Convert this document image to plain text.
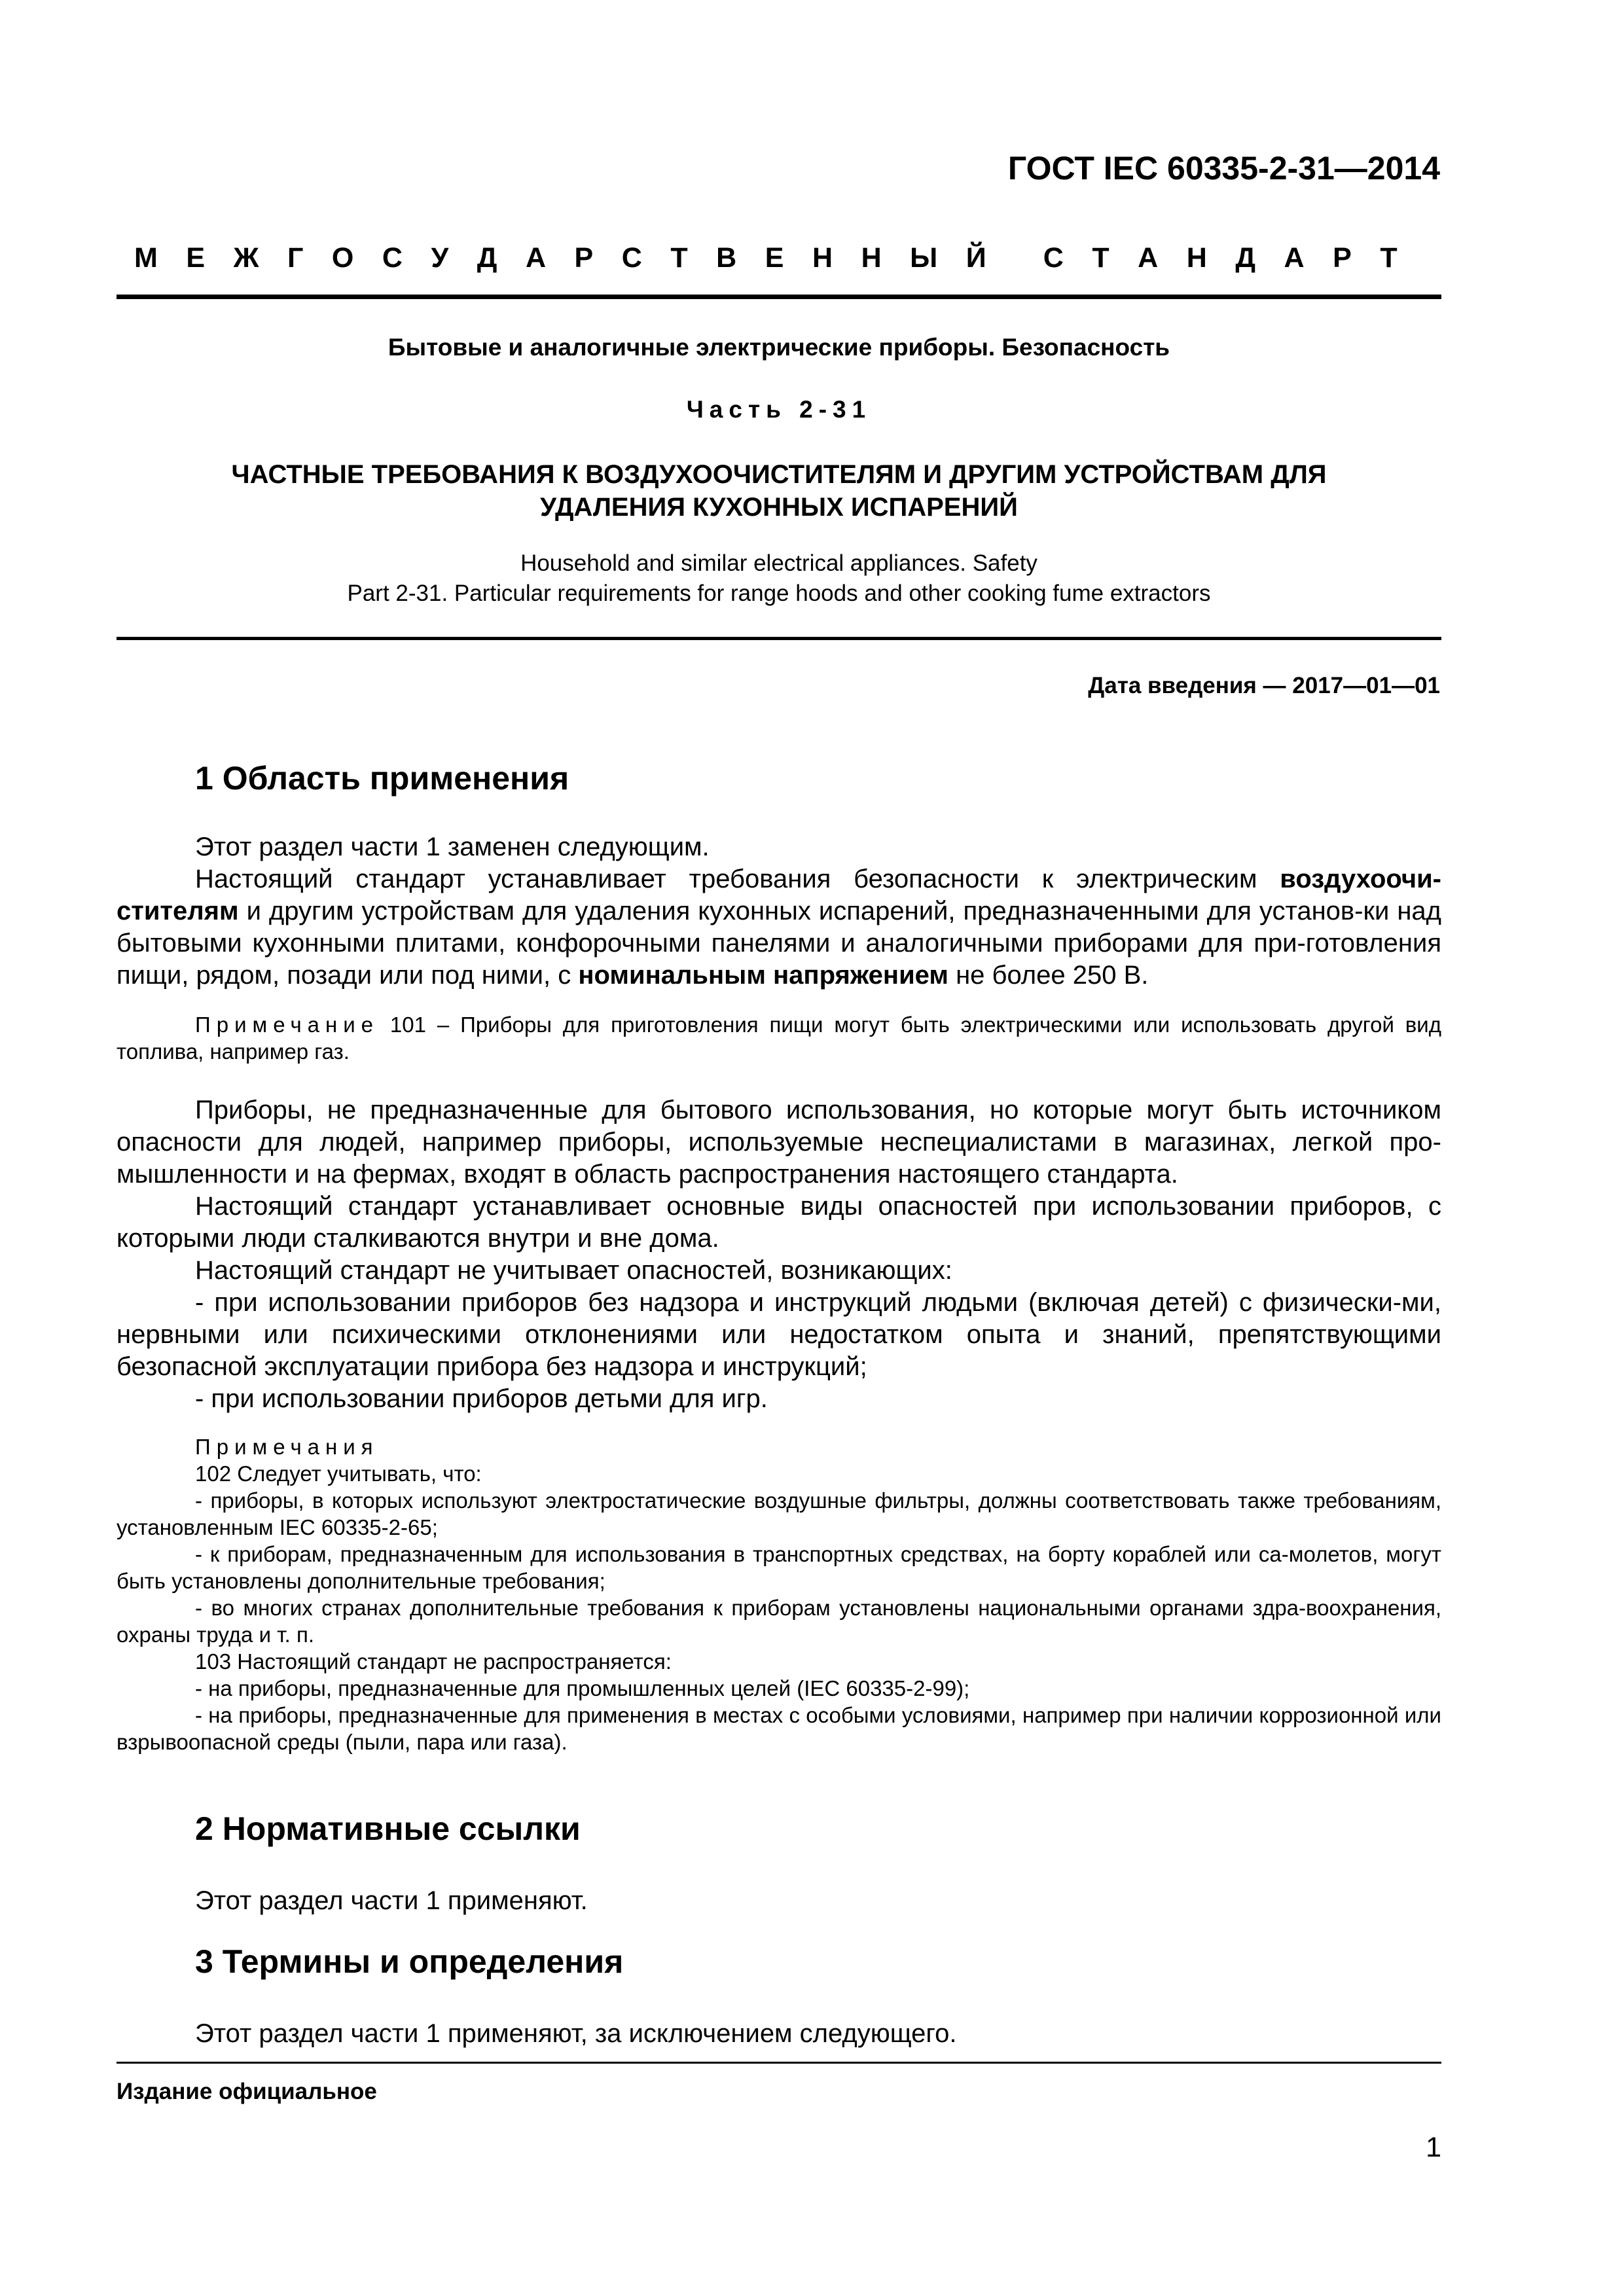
ГОСТ IEC 60335-2-31—2014
М Е Ж Г О С У Д А Р С Т В Е Н Н Ы Й С Т А Н Д А Р Т
Бытовые и аналогичные электрические приборы. Безопасность
Часть 2-31
ЧАСТНЫЕ ТРЕБОВАНИЯ К ВОЗДУХООЧИСТИТЕЛЯМ И ДРУГИМ УСТРОЙСТВАМ ДЛЯ
УДАЛЕНИЯ КУХОННЫХ ИСПАРЕНИЙ
Household and similar electrical appliances. Safety
Part 2-31. Particular requirements for range hoods and other cooking fume extractors
Дата введения — 2017—01—01
1 Область применения

Этот раздел части 1 заменен следующим.

Настоящий стандарт устанавливает требования безопасности к электрическим воздухоочи-стителям и другим устройствам для удаления кухонных испарений, предназначенными для установ-ки над бытовыми кухонными плитами, конфорочными панелями и аналогичными приборами для при-готовления пищи, рядом, позади или под ними, с номинальным напряжением не более 250 В.

Примечание 101 – Приборы для приготовления пищи могут быть электрическими или использовать другой вид топлива, например газ.

Приборы, не предназначенные для бытового использования, но которые могут быть источником опасности для людей, например приборы, используемые неспециалистами в магазинах, легкой про-мышленности и на фермах, входят в область распространения настоящего стандарта.

Настоящий стандарт устанавливает основные виды опасностей при использовании приборов, с которыми люди сталкиваются внутри и вне дома.

Настоящий стандарт не учитывает опасностей, возникающих:

- при использовании приборов без надзора и инструкций людьми (включая детей) с физически-ми, нервными или психическими отклонениями или недостатком опыта и знаний, препятствующими безопасной эксплуатации прибора без надзора и инструкций;

- при использовании приборов детьми для игр.

Примечания

102 Следует учитывать, что:

- приборы, в которых используют электростатические воздушные фильтры, должны соответствовать также требованиям, установленным IEC 60335-2-65;

- к приборам, предназначенным для использования в транспортных средствах, на борту кораблей или са-молетов, могут быть установлены дополнительные требования;

- во многих странах дополнительные требования к приборам установлены национальными органами здра-воохранения, охраны труда и т. п.

103 Настоящий стандарт не распространяется:

- на приборы, предназначенные для промышленных целей (IEC 60335-2-99);

- на приборы, предназначенные для применения в местах с особыми условиями, например при наличии коррозионной или взрывоопасной среды (пыли, пара или газа).

2 Нормативные ссылки

Этот раздел части 1 применяют.

3 Термины и определения

Этот раздел части 1 применяют, за исключением следующего.

Издание официальное
1
